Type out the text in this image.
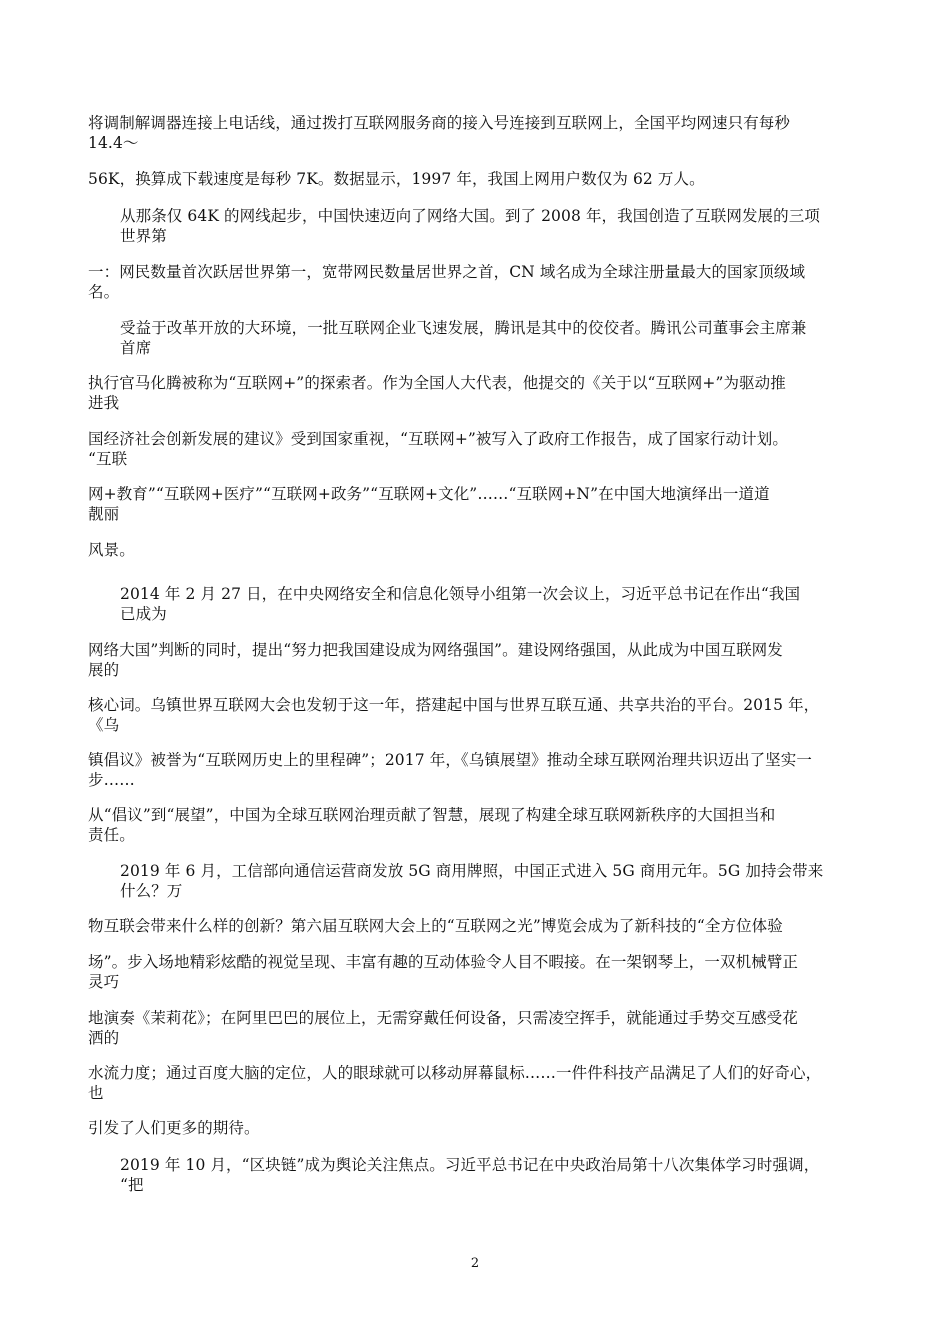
将调制解调器连接上电话线，通过拨打互联网服务商的接入号连接到互联网上，全国平均网速只有每秒
14.4～
56K，换算成下载速度是每秒 7K。数据显示，1997 年，我国上网用户数仅为 62 万人。
从那条仅 64K 的网线起步，中国快速迈向了网络大国。到了 2008 年，我国创造了互联网发展的三项
世界第
一：网民数量首次跃居世界第一，宽带网民数量居世界之首，CN 域名成为全球注册量最大的国家顶级域
名。
受益于改革开放的大环境，一批互联网企业飞速发展，腾讯是其中的佼佼者。腾讯公司董事会主席兼
首席
执行官马化腾被称为“互联网+”的探索者。作为全国人大代表，他提交的《关于以“互联网+”为驱动推
进我
国经济社会创新发展的建议》受到国家重视，“互联网+”被写入了政府工作报告，成了国家行动计划。
“互联
网+教育”“互联网+医疗”“互联网+政务”“互联网+文化”……“互联网+N”在中国大地演绎出一道道
靓丽
风景。
2014 年 2 月 27 日，在中央网络安全和信息化领导小组第一次会议上，习近平总书记在作出“我国
已成为
网络大国”判断的同时，提出“努力把我国建设成为网络强国”。建设网络强国，从此成为中国互联网发
展的
核心词。乌镇世界互联网大会也发轫于这一年，搭建起中国与世界互联互通、共享共治的平台。2015 年，
《乌
镇倡议》被誉为“互联网历史上的里程碑”；2017 年，《乌镇展望》推动全球互联网治理共识迈出了坚实一
步……
从“倡议”到“展望”，中国为全球互联网治理贡献了智慧，展现了构建全球互联网新秩序的大国担当和
责任。
2019 年 6 月，工信部向通信运营商发放 5G 商用牌照，中国正式进入 5G 商用元年。5G 加持会带来
什么？万
物互联会带来什么样的创新？第六届互联网大会上的“互联网之光”博览会成为了新科技的“全方位体验
场”。步入场地精彩炫酷的视觉呈现、丰富有趣的互动体验令人目不暇接。在一架钢琴上，一双机械臂正
灵巧
地演奏《茉莉花》；在阿里巴巴的展位上，无需穿戴任何设备，只需凌空挥手，就能通过手势交互感受花
洒的
水流力度；通过百度大脑的定位，人的眼球就可以移动屏幕鼠标……一件件科技产品满足了人们的好奇心，
也
引发了人们更多的期待。
2019 年 10 月，“区块链”成为舆论关注焦点。习近平总书记在中央政治局第十八次集体学习时强调，
“把
2
